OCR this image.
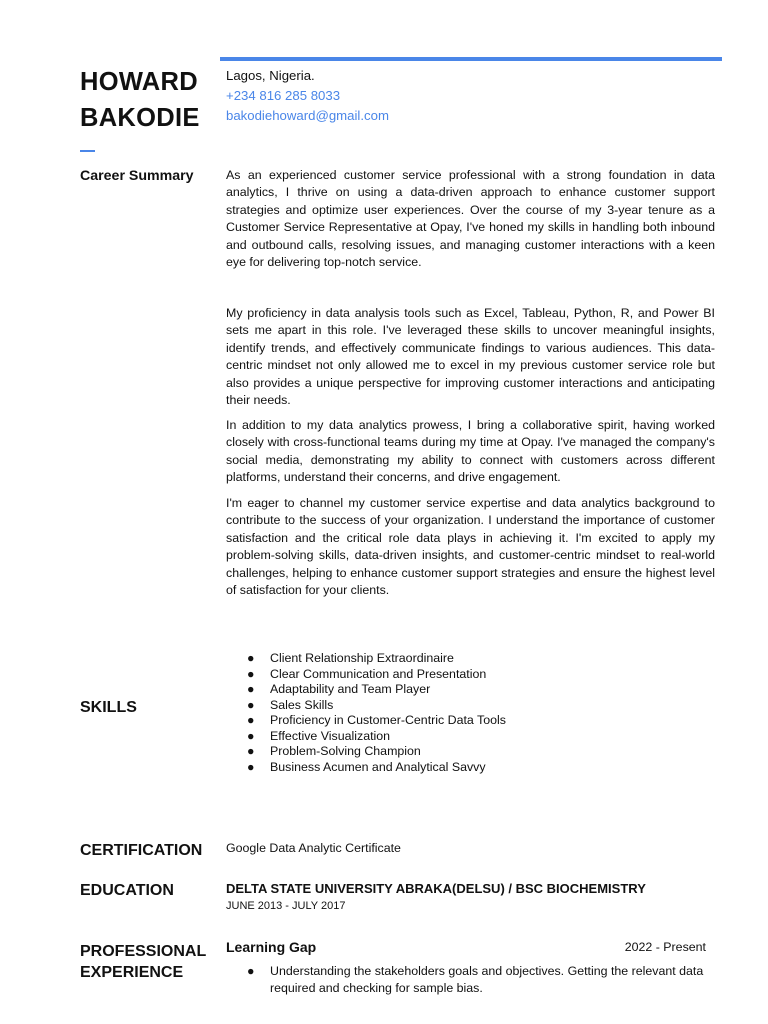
HOWARD
BAKODIE
Lagos, Nigeria.
+234 816 285 8033
bakodiehoward@gmail.com
Career Summary	As an experienced customer service professional with a strong foundation in data analytics, I thrive on using a data-driven approach to enhance customer support strategies and optimize user experiences. Over the course of my 3-year tenure as a Customer Service Representative at Opay, I've honed my skills in handling both inbound and outbound calls, resolving issues, and managing customer interactions with a keen eye for delivering top-notch service.

My proficiency in data analysis tools such as Excel, Tableau, Python, R, and Power BI sets me apart in this role. I've leveraged these skills to uncover meaningful insights, identify trends, and effectively communicate findings to various audiences. This data-centric mindset not only allowed me to excel in my previous customer service role but also provides a unique perspective for improving customer interactions and anticipating their needs.

In addition to my data analytics prowess, I bring a collaborative spirit, having worked closely with cross-functional teams during my time at Opay. I've managed the company's social media, demonstrating my ability to connect with customers across different platforms, understand their concerns, and drive engagement.

I'm eager to channel my customer service expertise and data analytics background to contribute to the success of your organization. I understand the importance of customer satisfaction and the critical role data plays in achieving it. I'm excited to apply my problem-solving skills, data-driven insights, and customer-centric mindset to real-world challenges, helping to enhance customer support strategies and ensure the highest level of satisfaction for your clients.

SKILLS
● Client Relationship Extraordinaire
● Clear Communication and Presentation
● Adaptability and Team Player
● Sales Skills
● Proficiency in Customer-Centric Data Tools
● Effective Visualization
● Problem-Solving Champion
● Business Acumen and Analytical Savvy
CERTIFICATION Google Data Analytic Certificate
EDUCATION	DELTA STATE UNIVERSITY ABRAKA(DELSU) / BSC BIOCHEMISTRY
JUNE 2013 - JULY 2017
PROFESSIONAL
EXPERIENCE
Learning Gap	2022 - Present
● Understanding the stakeholders goals and objectives. Getting the relevant data required and checking for sample bias.
